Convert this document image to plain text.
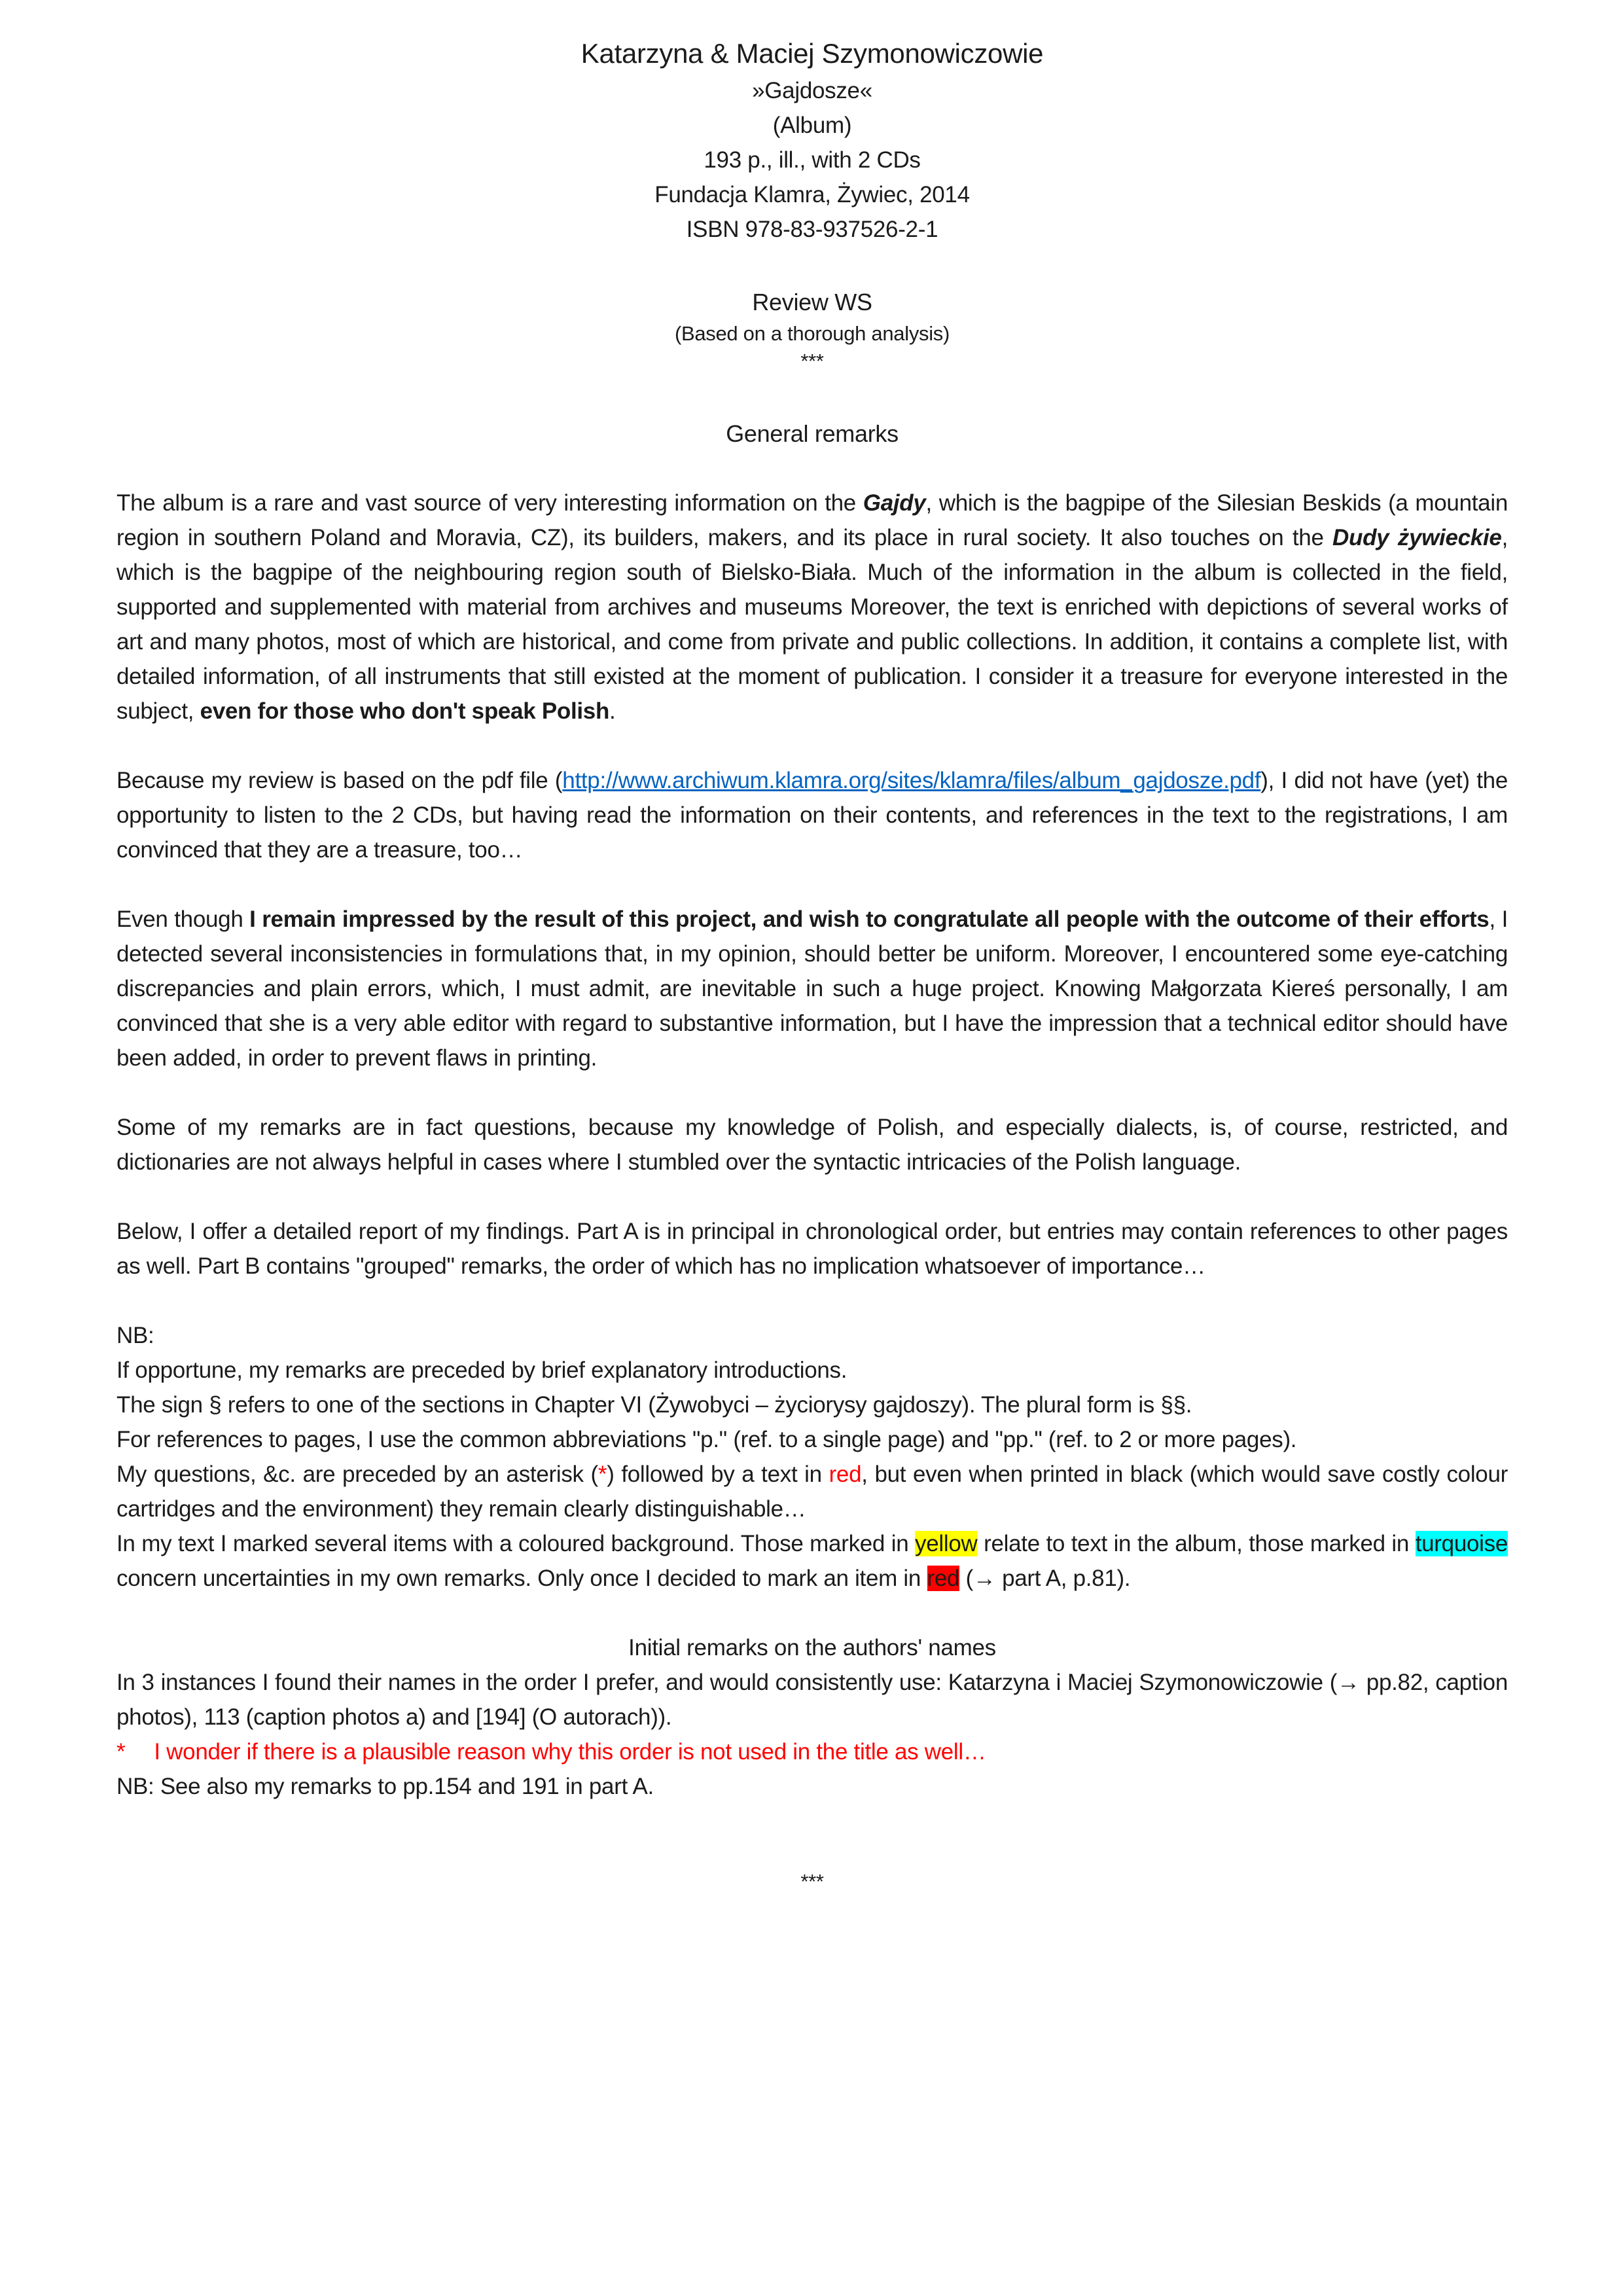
Katarzyna & Maciej Szymonowiczowie
»Gajdosze«
(Album)
193 p., ill., with 2 CDs
Fundacja Klamra, Żywiec, 2014
ISBN 978-83-937526-2-1
Review WS
(Based on a thorough analysis)
***
General remarks

The album is a rare and vast source of very interesting information on the Gajdy, which is the bagpipe of the Silesian Beskids (a mountain region in southern Poland and Moravia, CZ), its builders, makers, and its place in rural society. It also touches on the Dudy żywieckie, which is the bagpipe of the neighbouring region south of Bielsko-Biała. Much of the information in the album is collected in the field, supported and supplemented with material from archives and museums Moreover, the text is enriched with depictions of several works of art and many photos, most of which are historical, and come from private and public collections. In addition, it contains a complete list, with detailed information, of all instruments that still existed at the moment of publication. I consider it a treasure for everyone interested in the subject, even for those who don't speak Polish.

Because my review is based on the pdf file (http://www.archiwum.klamra.org/sites/klamra/files/album_gajdosze.pdf), I did not have (yet) the opportunity to listen to the 2 CDs, but having read the information on their contents, and references in the text to the registrations, I am convinced that they are a treasure, too…

Even though I remain impressed by the result of this project, and wish to congratulate all people with the outcome of their efforts, I detected several inconsistencies in formulations that, in my opinion, should better be uniform. Moreover, I encountered some eye-catching discrepancies and plain errors, which, I must admit, are inevitable in such a huge project. Knowing Małgorzata Kiereś personally, I am convinced that she is a very able editor with regard to substantive information, but I have the impression that a technical editor should have been added, in order to prevent flaws in printing.

Some of my remarks are in fact questions, because my knowledge of Polish, and especially dialects, is, of course, restricted, and dictionaries are not always helpful in cases where I stumbled over the syntactic intricacies of the Polish language.

Below, I offer a detailed report of my findings. Part A is in principal in chronological order, but entries may contain references to other pages as well. Part B contains "grouped" remarks, the order of which has no implication whatsoever of importance…

NB:
If opportune, my remarks are preceded by brief explanatory introductions.
The sign § refers to one of the sections in Chapter VI (Żywobyci – życiorysy gajdoszy). The plural form is §§.
For references to pages, I use the common abbreviations "p." (ref. to a single page) and "pp." (ref. to 2 or more pages).
My questions, &c. are preceded by an asterisk (*) followed by a text in red, but even when printed in black (which would save costly colour cartridges and the environment) they remain clearly distinguishable…
In my text I marked several items with a coloured background. Those marked in yellow relate to text in the album, those marked in turquoise concern uncertainties in my own remarks. Only once I decided to mark an item in red (→ part A, p.81).
Initial remarks on the authors' names
In 3 instances I found their names in the order I prefer, and would consistently use: Katarzyna i Maciej Szymonowiczowie (→ pp.82, caption photos), 113 (caption photos a) and [194] (O autorach)).
* I wonder if there is a plausible reason why this order is not used in the title as well…
NB: See also my remarks to pp.154 and 191 in part A.
***
